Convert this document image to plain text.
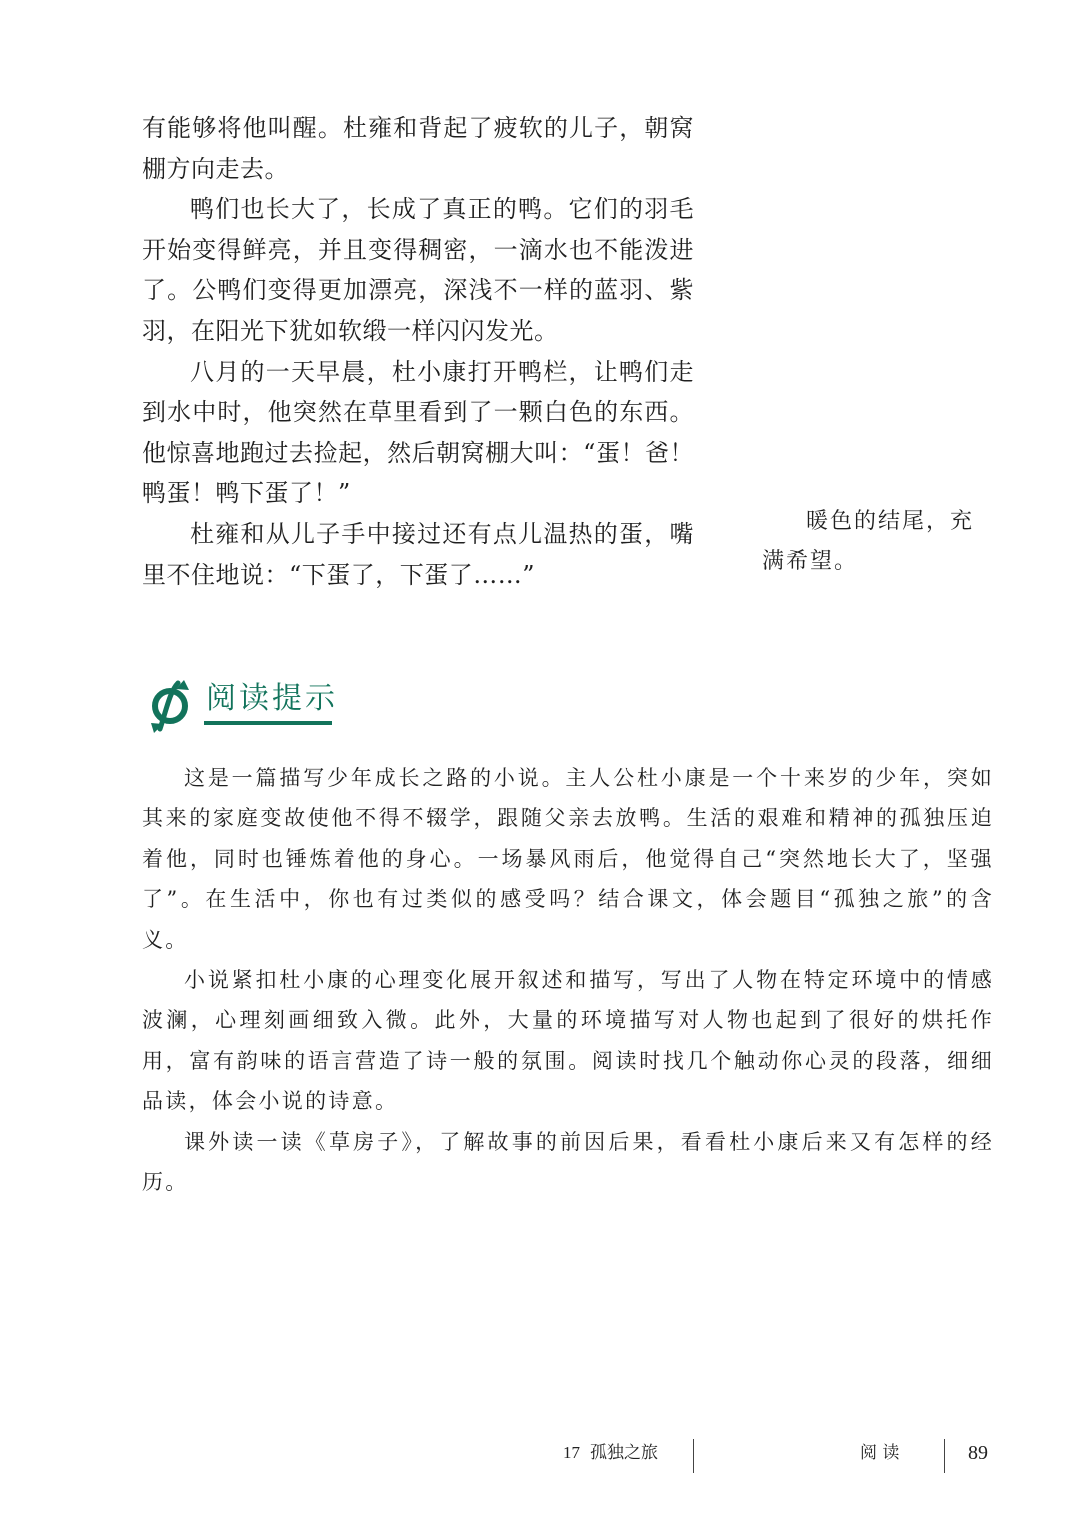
有能够将他叫醒。杜雍和背起了疲软的儿子，朝窝棚方向走去。

鸭们也长大了，长成了真正的鸭。它们的羽毛开始变得鲜亮，并且变得稠密，一滴水也不能泼进了。公鸭们变得更加漂亮，深浅不一样的蓝羽、紫羽，在阳光下犹如软缎一样闪闪发光。

八月的一天早晨，杜小康打开鸭栏，让鸭们走到水中时，他突然在草里看到了一颗白色的东西。他惊喜地跑过去捡起，然后朝窝棚大叫：“蛋！爸！鸭蛋！鸭下蛋了！”

杜雍和从儿子手中接过还有点儿温热的蛋，嘴里不住地说：“下蛋了，下蛋了……”

暖色的结尾，充满希望。
阅读提示

这是一篇描写少年成长之路的小说。主人公杜小康是一个十来岁的少年，突如其来的家庭变故使他不得不辍学，跟随父亲去放鸭。生活的艰难和精神的孤独压迫着他，同时也锤炼着他的身心。一场暴风雨后，他觉得自己“突然地长大了，坚强了”。在生活中，你也有过类似的感受吗？结合课文，体会题目“孤独之旅”的含义。

小说紧扣杜小康的心理变化展开叙述和描写，写出了人物在特定环境中的情感波澜，心理刻画细致入微。此外，大量的环境描写对人物也起到了很好的烘托作用，富有韵味的语言营造了诗一般的氛围。阅读时找几个触动你心灵的段落，细细品读，体会小说的诗意。

课外读一读《草房子》，了解故事的前因后果，看看杜小康后来又有怎样的经历。

17 孤独之旅	阅 读	89
